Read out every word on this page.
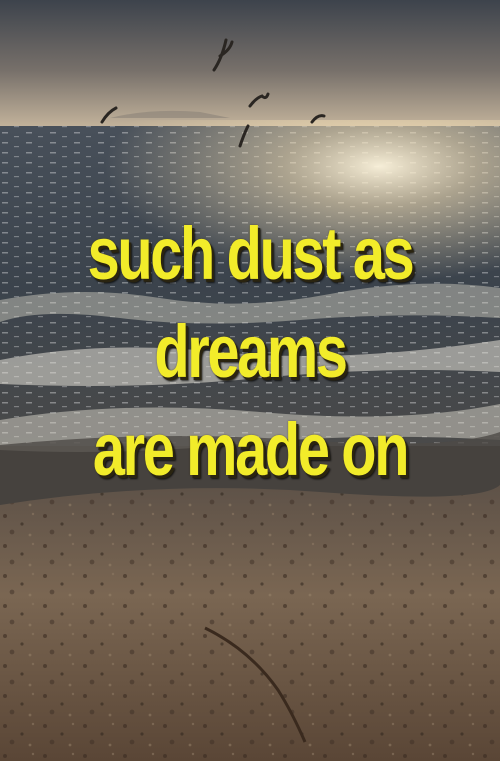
such dust as
dreams
are made on
